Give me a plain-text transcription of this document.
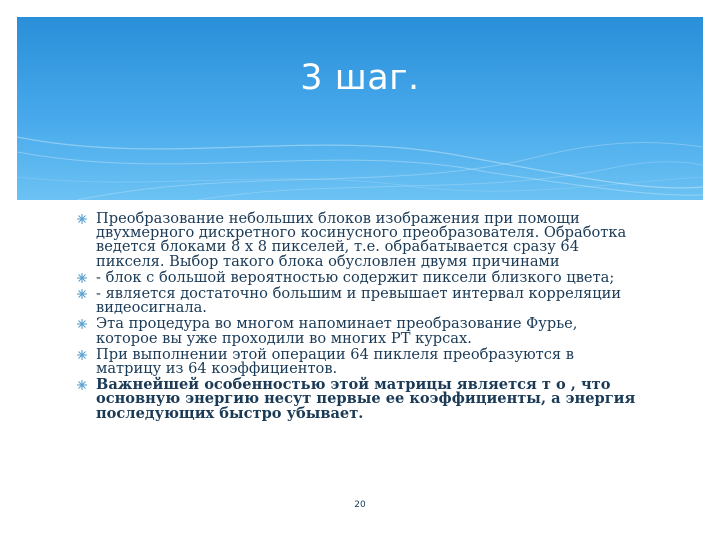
3 шаг.
Преобразование небольших блоков изображения при помощи двухмерного дискретного косинусного преобразователя. Обработка ведется блоками 8 х 8 пикселей, т.е. обрабатывается сразу 64 пикселя. Выбор такого блока обусловлен двумя причинами
- блок с большой вероятностью содержит пиксели близкого цвета;
- является достаточно большим и превышает интервал корреляции видеосигнала.
Эта процедура во многом напоминает преобразование Фурье, которое вы уже проходили во многих РТ курсах.
При выполнении этой операции 64 пиклеля преобразуются в матрицу из 64 коэффициентов.
Важнейшей особенностью этой матрицы является т о , что основную энергию несут первые ее коэффициенты, а энергия последующих быстро убывает.
20
